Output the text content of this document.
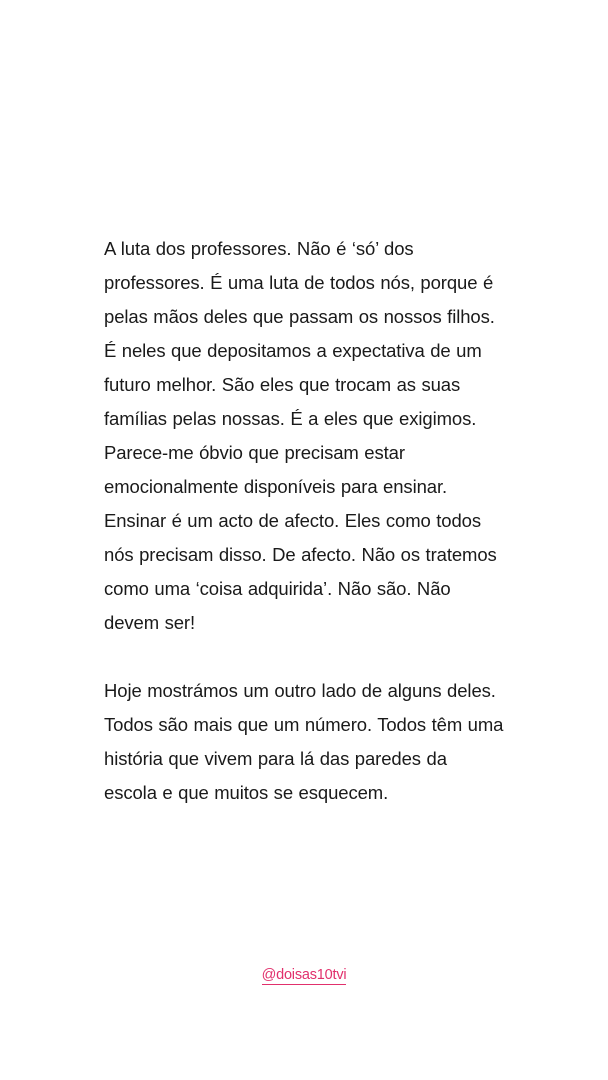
A luta dos professores. Não é ‘só’ dos professores. É uma luta de todos nós, porque é pelas mãos deles que passam os nossos filhos. É neles que depositamos a expectativa de um futuro melhor. São eles que trocam as suas famílias pelas nossas. É a eles que exigimos. Parece-me óbvio que precisam estar emocionalmente disponíveis para ensinar. Ensinar é um acto de afecto. Eles como todos nós precisam disso. De afecto. Não os tratemos como uma ‘coisa adquirida’. Não são. Não devem ser!

Hoje mostrámos um outro lado de alguns deles. Todos são mais que um número. Todos têm uma história que vivem para lá das paredes da escola e que muitos se esquecem.

@doisas10tvi
